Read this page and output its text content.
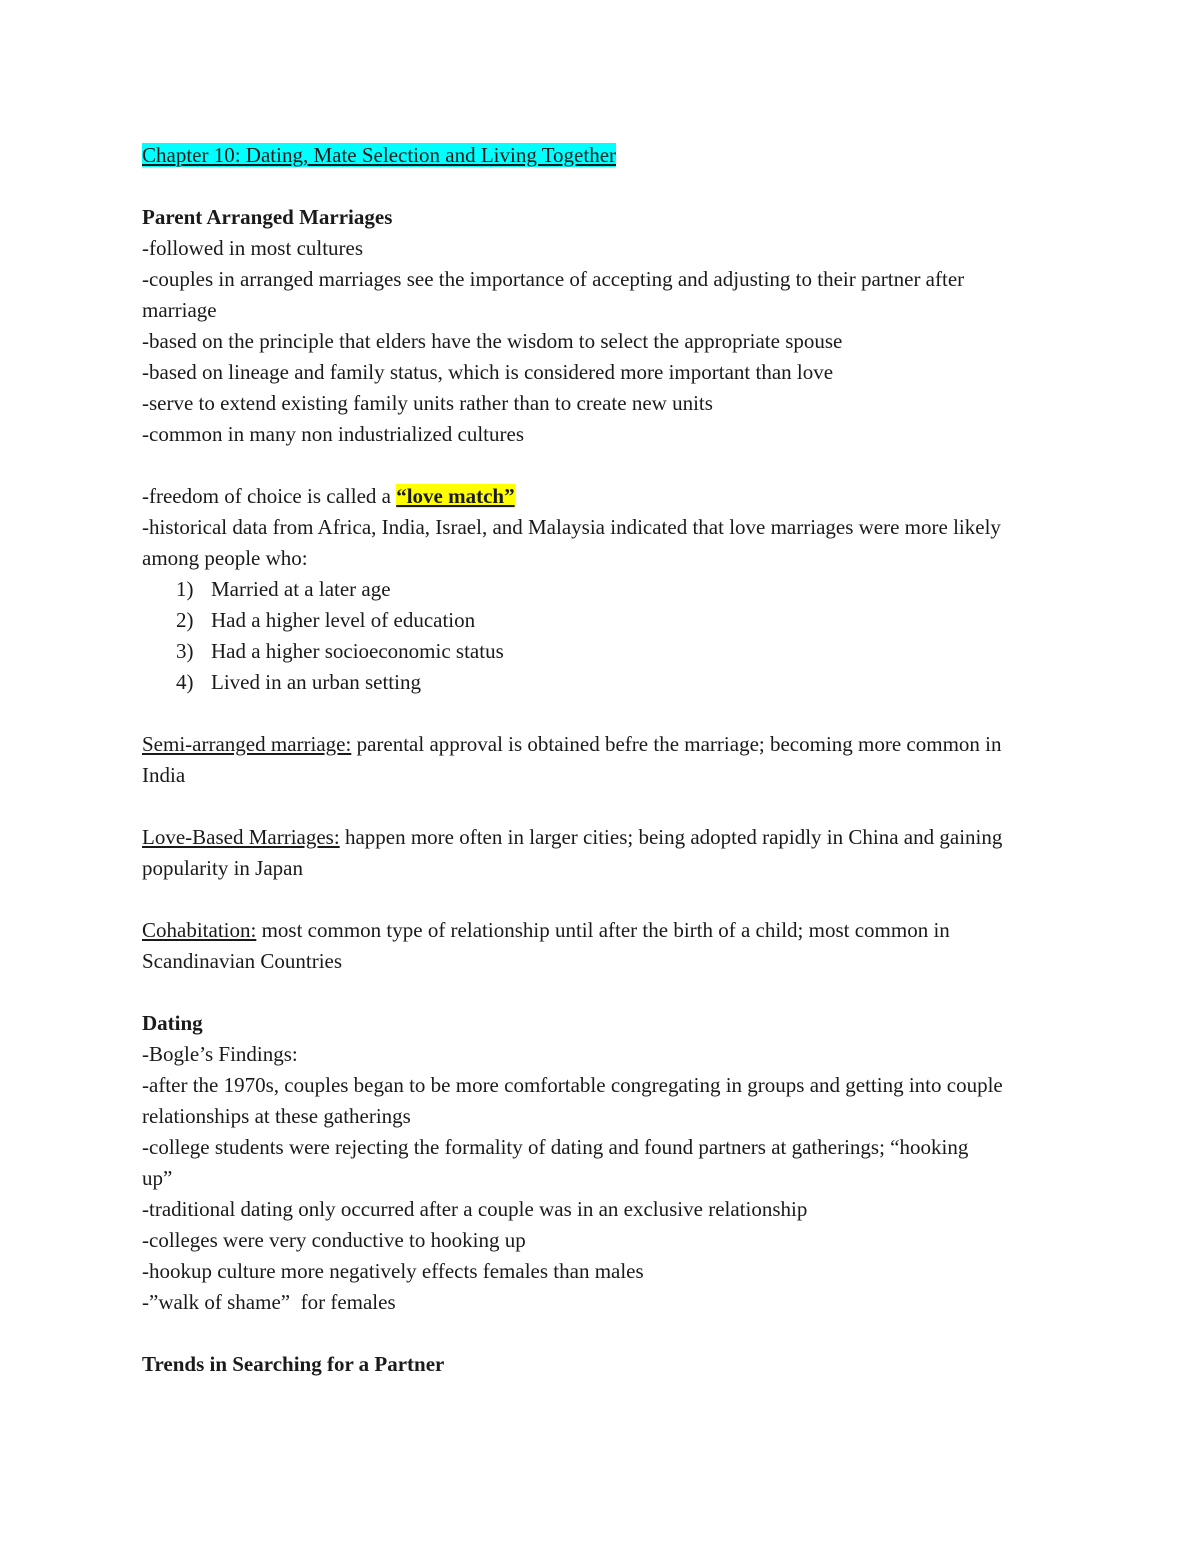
Chapter 10: Dating, Mate Selection and Living Together

Parent Arranged Marriages

-followed in most cultures

-couples in arranged marriages see the importance of accepting and adjusting to their partner after marriage

-based on the principle that elders have the wisdom to select the appropriate spouse

-based on lineage and family status, which is considered more important than love

-serve to extend existing family units rather than to create new units

-common in many non industrialized cultures

-freedom of choice is called a “love match”

-historical data from Africa, India, Israel, and Malaysia indicated that love marriages were more likely among people who:

1) Married at a later age
2) Had a higher level of education
3) Had a higher socioeconomic status
4) Lived in an urban setting

Semi-arranged marriage: parental approval is obtained befre the marriage; becoming more common in India

Love-Based Marriages: happen more often in larger cities; being adopted rapidly in China and gaining popularity in Japan

Cohabitation: most common type of relationship until after the birth of a child; most common in Scandinavian Countries

Dating

-Bogle’s Findings:

-after the 1970s, couples began to be more comfortable congregating in groups and getting into couple relationships at these gatherings

-college students were rejecting the formality of dating and found partners at gatherings; “hooking up”

-traditional dating only occurred after a couple was in an exclusive relationship

-colleges were very conductive to hooking up

-hookup culture more negatively effects females than males

-”walk of shame”  for females

Trends in Searching for a Partner
